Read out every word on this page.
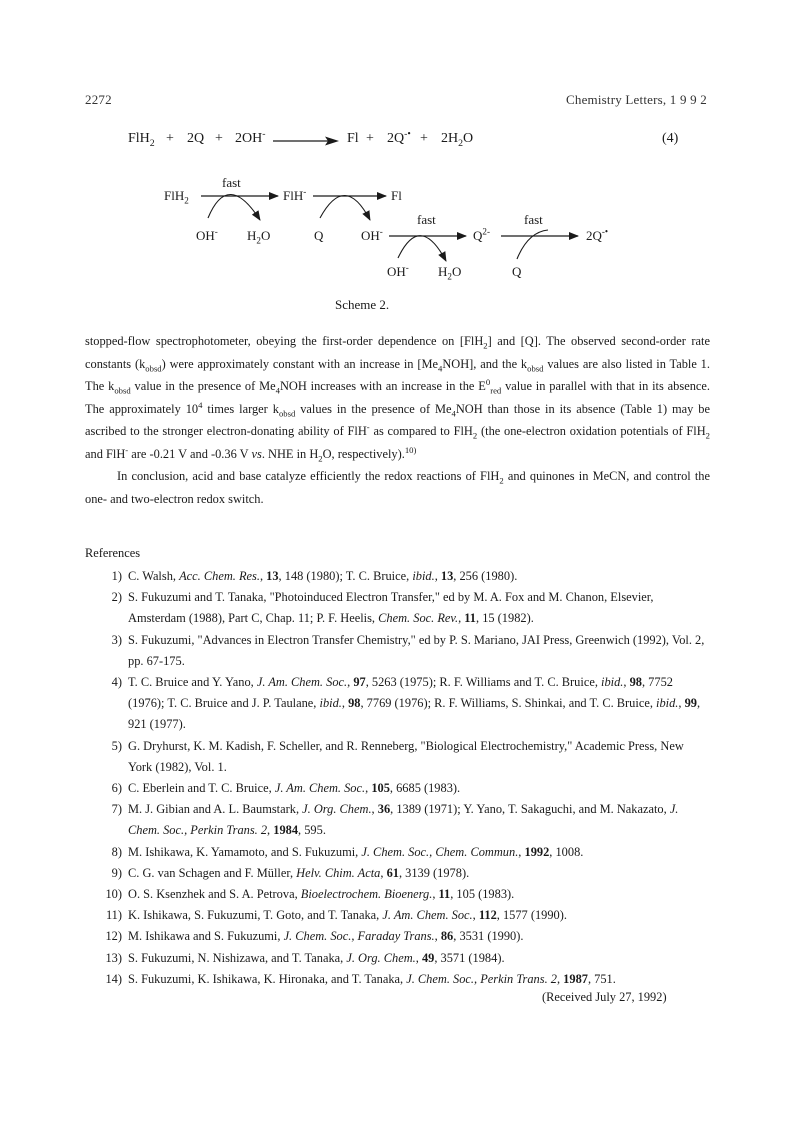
2272	Chemistry Letters, 1 9 9 2
FlH$_2$ + 2Q + 2OH-	$Fl + 2Q^{-•} + 2H_2O$	(4)
fast
fast	fast
FlH$_2$	FlH-	Fl
OH- $H_2O$	Q	OH-	$Q^{2-}$	2Q-•
OH- $H_2O$	Q
Scheme 2.

stopped-flow spectrophotometer, obeying the first-order dependence on [FlH$_2$] and [Q]. The observed second-order rate constants $(k_{obsd})$ were approximately constant with an increase in $[Me_4NOH]$, and the $k_{obsd}$ values are also listed in Table 1. The $k_{obsd}$ value in the presence of $Me_4NOH$ increases with an increase in the $E^0_{red}$ value in parallel with that in its absence. The approximately $10^4$ times larger $k_{obsd}$ values in the presence of $Me_4NOH$ than those in its absence (Table 1) may be ascribed to the stronger electron-donating ability of FlH- as compared to FlH$_2$ (the one-electron oxidation potentials of FlH$_2$ and FlH- are -0.21 V and -0.36 V vs. NHE in $H_2O$, respectively).$^{10)}$

In conclusion, acid and base catalyze efficiently the redox reactions of FlH$_2$ and quinones in MeCN, and control the one- and two-electron redox switch.

References
1) C. Walsh, Acc. Chem. Res., 13, 148 (1980); T. C. Bruice, ibid., 13, 256 (1980).
2) S. Fukuzumi and T. Tanaka, "Photoinduced Electron Transfer," ed by M. A. Fox and M. Chanon, Elsevier, Amsterdam (1988), Part C, Chap. 11; P. F. Heelis, Chem. Soc. Rev., 11, 15 (1982).
3) S. Fukuzumi, "Advances in Electron Transfer Chemistry," ed by P. S. Mariano, JAI Press, Greenwich (1992), Vol. 2, pp. 67-175.
4) T. C. Bruice and Y. Yano, J. Am. Chem. Soc., 97, 5263 (1975); R. F. Williams and T. C. Bruice, ibid., 98, 7752 (1976); T. C. Bruice and J. P. Taulane, ibid., 98, 7769 (1976); R. F. Williams, S. Shinkai, and T. C. Bruice, ibid., 99, 921 (1977).
5) G. Dryhurst, K. M. Kadish, F. Scheller, and R. Renneberg, "Biological Electrochemistry," Academic Press, New York (1982), Vol. 1.
6) C. Eberlein and T. C. Bruice, J. Am. Chem. Soc., 105, 6685 (1983).
7) M. J. Gibian and A. L. Baumstark, J. Org. Chem., 36, 1389 (1971); Y. Yano, T. Sakaguchi, and M. Nakazato, J. Chem. Soc., Perkin Trans. 2, 1984, 595.
8) M. Ishikawa, K. Yamamoto, and S. Fukuzumi, J. Chem. Soc., Chem. Commun., 1992, 1008.
9) C. G. van Schagen and F. Müller, Helv. Chim. Acta, 61, 3139 (1978).
10) O. S. Ksenzhek and S. A. Petrova, Bioelectrochem. Bioenerg., 11, 105 (1983).
11) K. Ishikawa, S. Fukuzumi, T. Goto, and T. Tanaka, J. Am. Chem. Soc., 112, 1577 (1990).
12) M. Ishikawa and S. Fukuzumi, J. Chem. Soc., Faraday Trans., 86, 3531 (1990).
13) S. Fukuzumi, N. Nishizawa, and T. Tanaka, J. Org. Chem., 49, 3571 (1984).
14) S. Fukuzumi, K. Ishikawa, K. Hironaka, and T. Tanaka, J. Chem. Soc., Perkin Trans. 2, 1987, 751.
(Received July 27, 1992)
